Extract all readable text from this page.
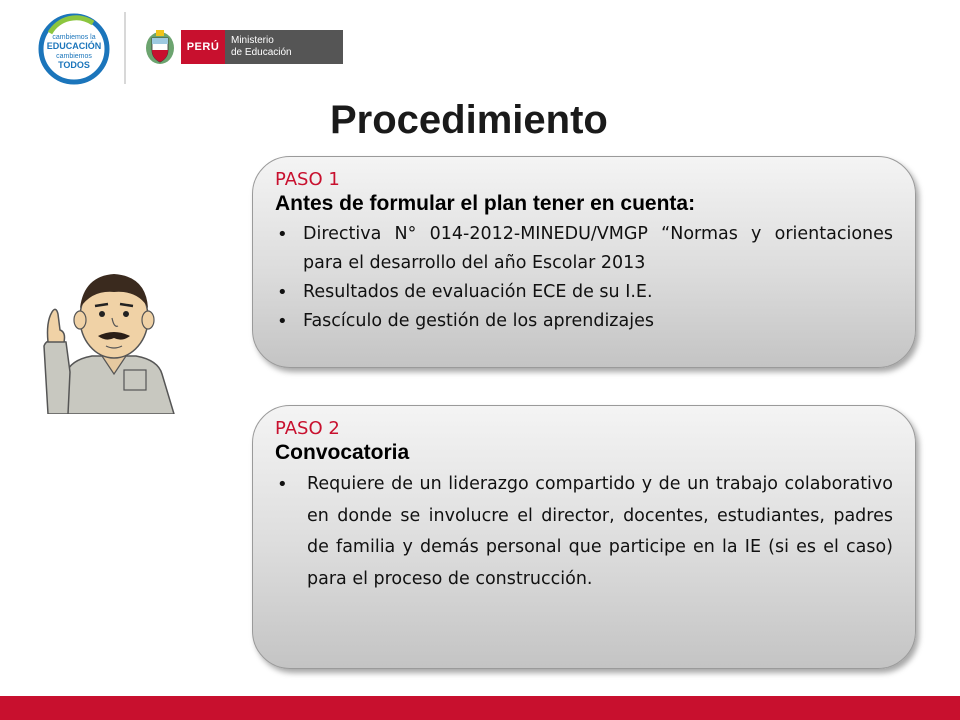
cambiemos la
EDUCACIÓN
cambiemos
TODOS
PERÚ
Ministerio
de Educación
Procedimiento
PASO 1
Antes de formular el plan tener en cuenta:
• Directiva N° 014-2012-MINEDU/VMGP “Normas y orientaciones para el desarrollo del año Escolar 2013
• Resultados de evaluación ECE de su I.E.
• Fascículo de gestión de los aprendizajes
PASO 2
Convocatoria
• Requiere de un liderazgo compartido y de un trabajo colaborativo en donde se involucre el director, docentes, estudiantes, padres de familia y demás personal que participe en la IE (si es el caso) para el proceso de construcción.
